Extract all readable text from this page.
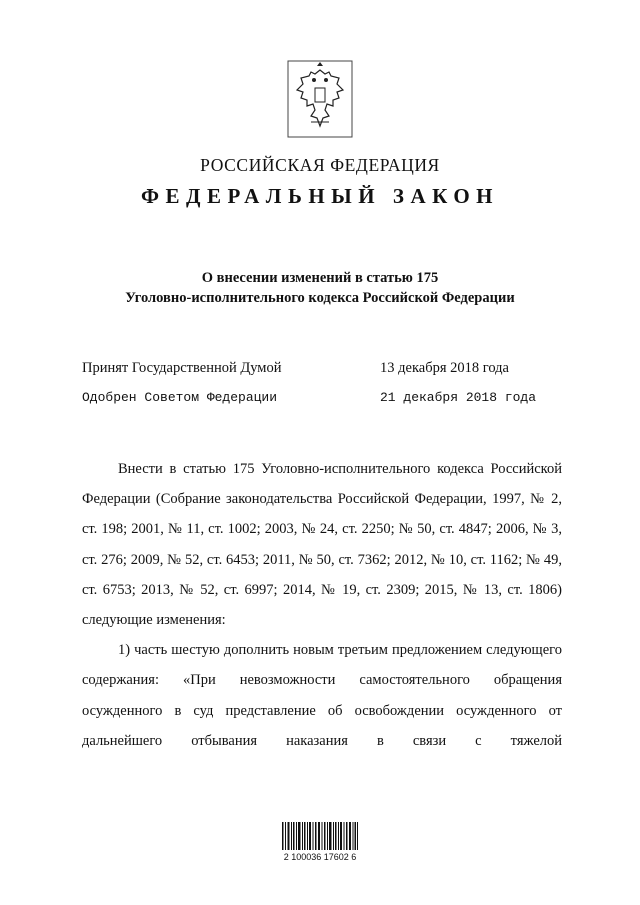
РОССИЙСКАЯ ФЕДЕРАЦИЯ
ФЕДЕРАЛЬНЫЙ ЗАКОН
О внесении изменений в статью 175
Уголовно-исполнительного кодекса Российской Федерации
Принят Государственной Думой	13 декабря 2018 года
Одобрен Советом Федерации	21 декабря 2018 года
Внести в статью 175 Уголовно-исполнительного кодекса Российской Федерации (Собрание законодательства Российской Федерации, 1997, № 2, ст. 198; 2001, № 11, ст. 1002; 2003, № 24, ст. 2250; № 50, ст. 4847; 2006, № 3, ст. 276; 2009, № 52, ст. 6453; 2011, № 50, ст. 7362; 2012, № 10, ст. 1162; № 49, ст. 6753; 2013, № 52, ст. 6997; 2014, № 19, ст. 2309; 2015, № 13, ст. 1806) следующие изменения:
1) часть шестую дополнить новым третьим предложением следующего содержания: «При невозможности самостоятельного обращения осужденного в суд представление об освобождении осужденного от дальнейшего отбывания наказания в связи с тяжелой
2 100036 17602 6
